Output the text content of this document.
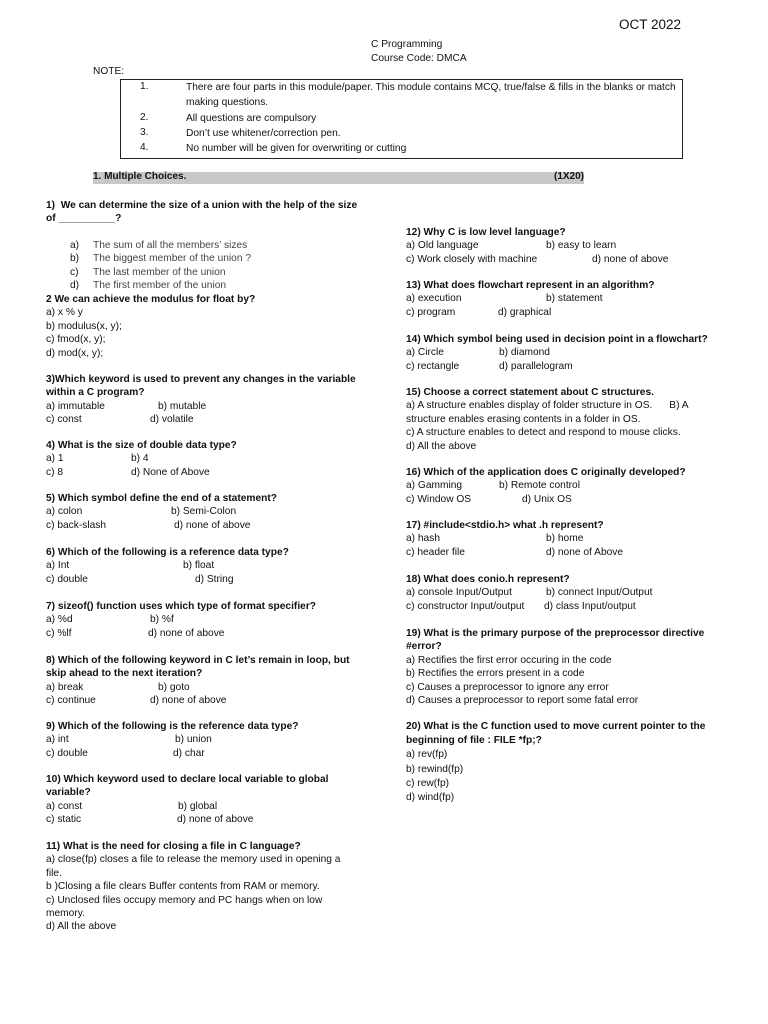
OCT 2022
C Programming
Course Code: DMCA
NOTE:
1.	There are four parts in this module/paper. This module contains MCQ, true/false & fills in the blanks or match making questions.
2.	All questions are compulsory
3.	Don’t use whitener/correction pen.
4.	No number will be given for overwriting or cutting
1. Multiple Choices.	(1X20)
1)  We can determine the size of a union with the help of the size of __________?
a) The sum of all the members’ sizes
b) The biggest member of the union ?
c) The last member of the union
d) The first member of the union
2 We can achieve the modulus for float by?
a) x % y
b) modulus(x, y);
c) fmod(x, y);
d) mod(x, y);
3)Which keyword is used to prevent any changes in the variable within a C program?
a) immutable	b) mutable
c) const	d) volatile
4) What is the size of double data type?
a) 1	b) 4
c) 8	d) None of Above
5) Which symbol define the end of a statement?
a) colon	b) Semi-Colon
c) back-slash	d) none of above
6) Which of the following is a reference data type?
a) Int	b) float
c) double	d) String
7) sizeof() function uses which type of format specifier?
a) %d	b) %f
c) %lf	d) none of above
8) Which of the following keyword in C let’s remain in loop, but skip ahead to the next iteration?
a) break	b) goto
c) continue	d) none of above
9) Which of the following is the reference data type?
a) int	b) union
c) double	d) char
10) Which keyword used to declare local variable to global variable?
a) const	b) global
c) static	d) none of above
11) What is the need for closing a file in C language?
a) close(fp) closes a file to release the memory used in opening a file.
b )Closing a file clears Buffer contents from RAM or memory.
c) Unclosed files occupy memory and PC hangs when on low memory.
d) All the above
12) Why C is low level language?
a) Old language	b) easy to learn
c) Work closely with machine	d) none of above
13) What does flowchart represent in an algorithm?
a) execution	b) statement
c) program	d) graphical
14) Which symbol being used in decision point in a flowchart?
a) Circle	b) diamond
c) rectangle	d) parallelogram
15) Choose a correct statement about C structures.
a) A structure enables display of folder structure in OS.      B) A structure enables erasing contents in a folder in OS.
c) A structure enables to detect and respond to mouse clicks.
d) All the above
16) Which of the application does C originally developed?
a) Gamming	b) Remote control
c) Window OS	d) Unix OS
17) #include<stdio.h> what .h represent?
a) hash	b) home
c) header file	d) none of Above
18) What does conio.h represent?
a) console Input/Output	b) connect Input/Output
c) constructor Input/output d) class Input/output
19) What is the primary purpose of the preprocessor directive #error?
a) Rectifies the first error occuring in the code
b) Rectifies the errors present in a code
c) Causes a preprocessor to ignore any error
d) Causes a preprocessor to report some fatal error
20) What is the C function used to move current pointer to the beginning of file : FILE *fp;?
a) rev(fp)
b) rewind(fp)
c) rew(fp)
d) wind(fp)
